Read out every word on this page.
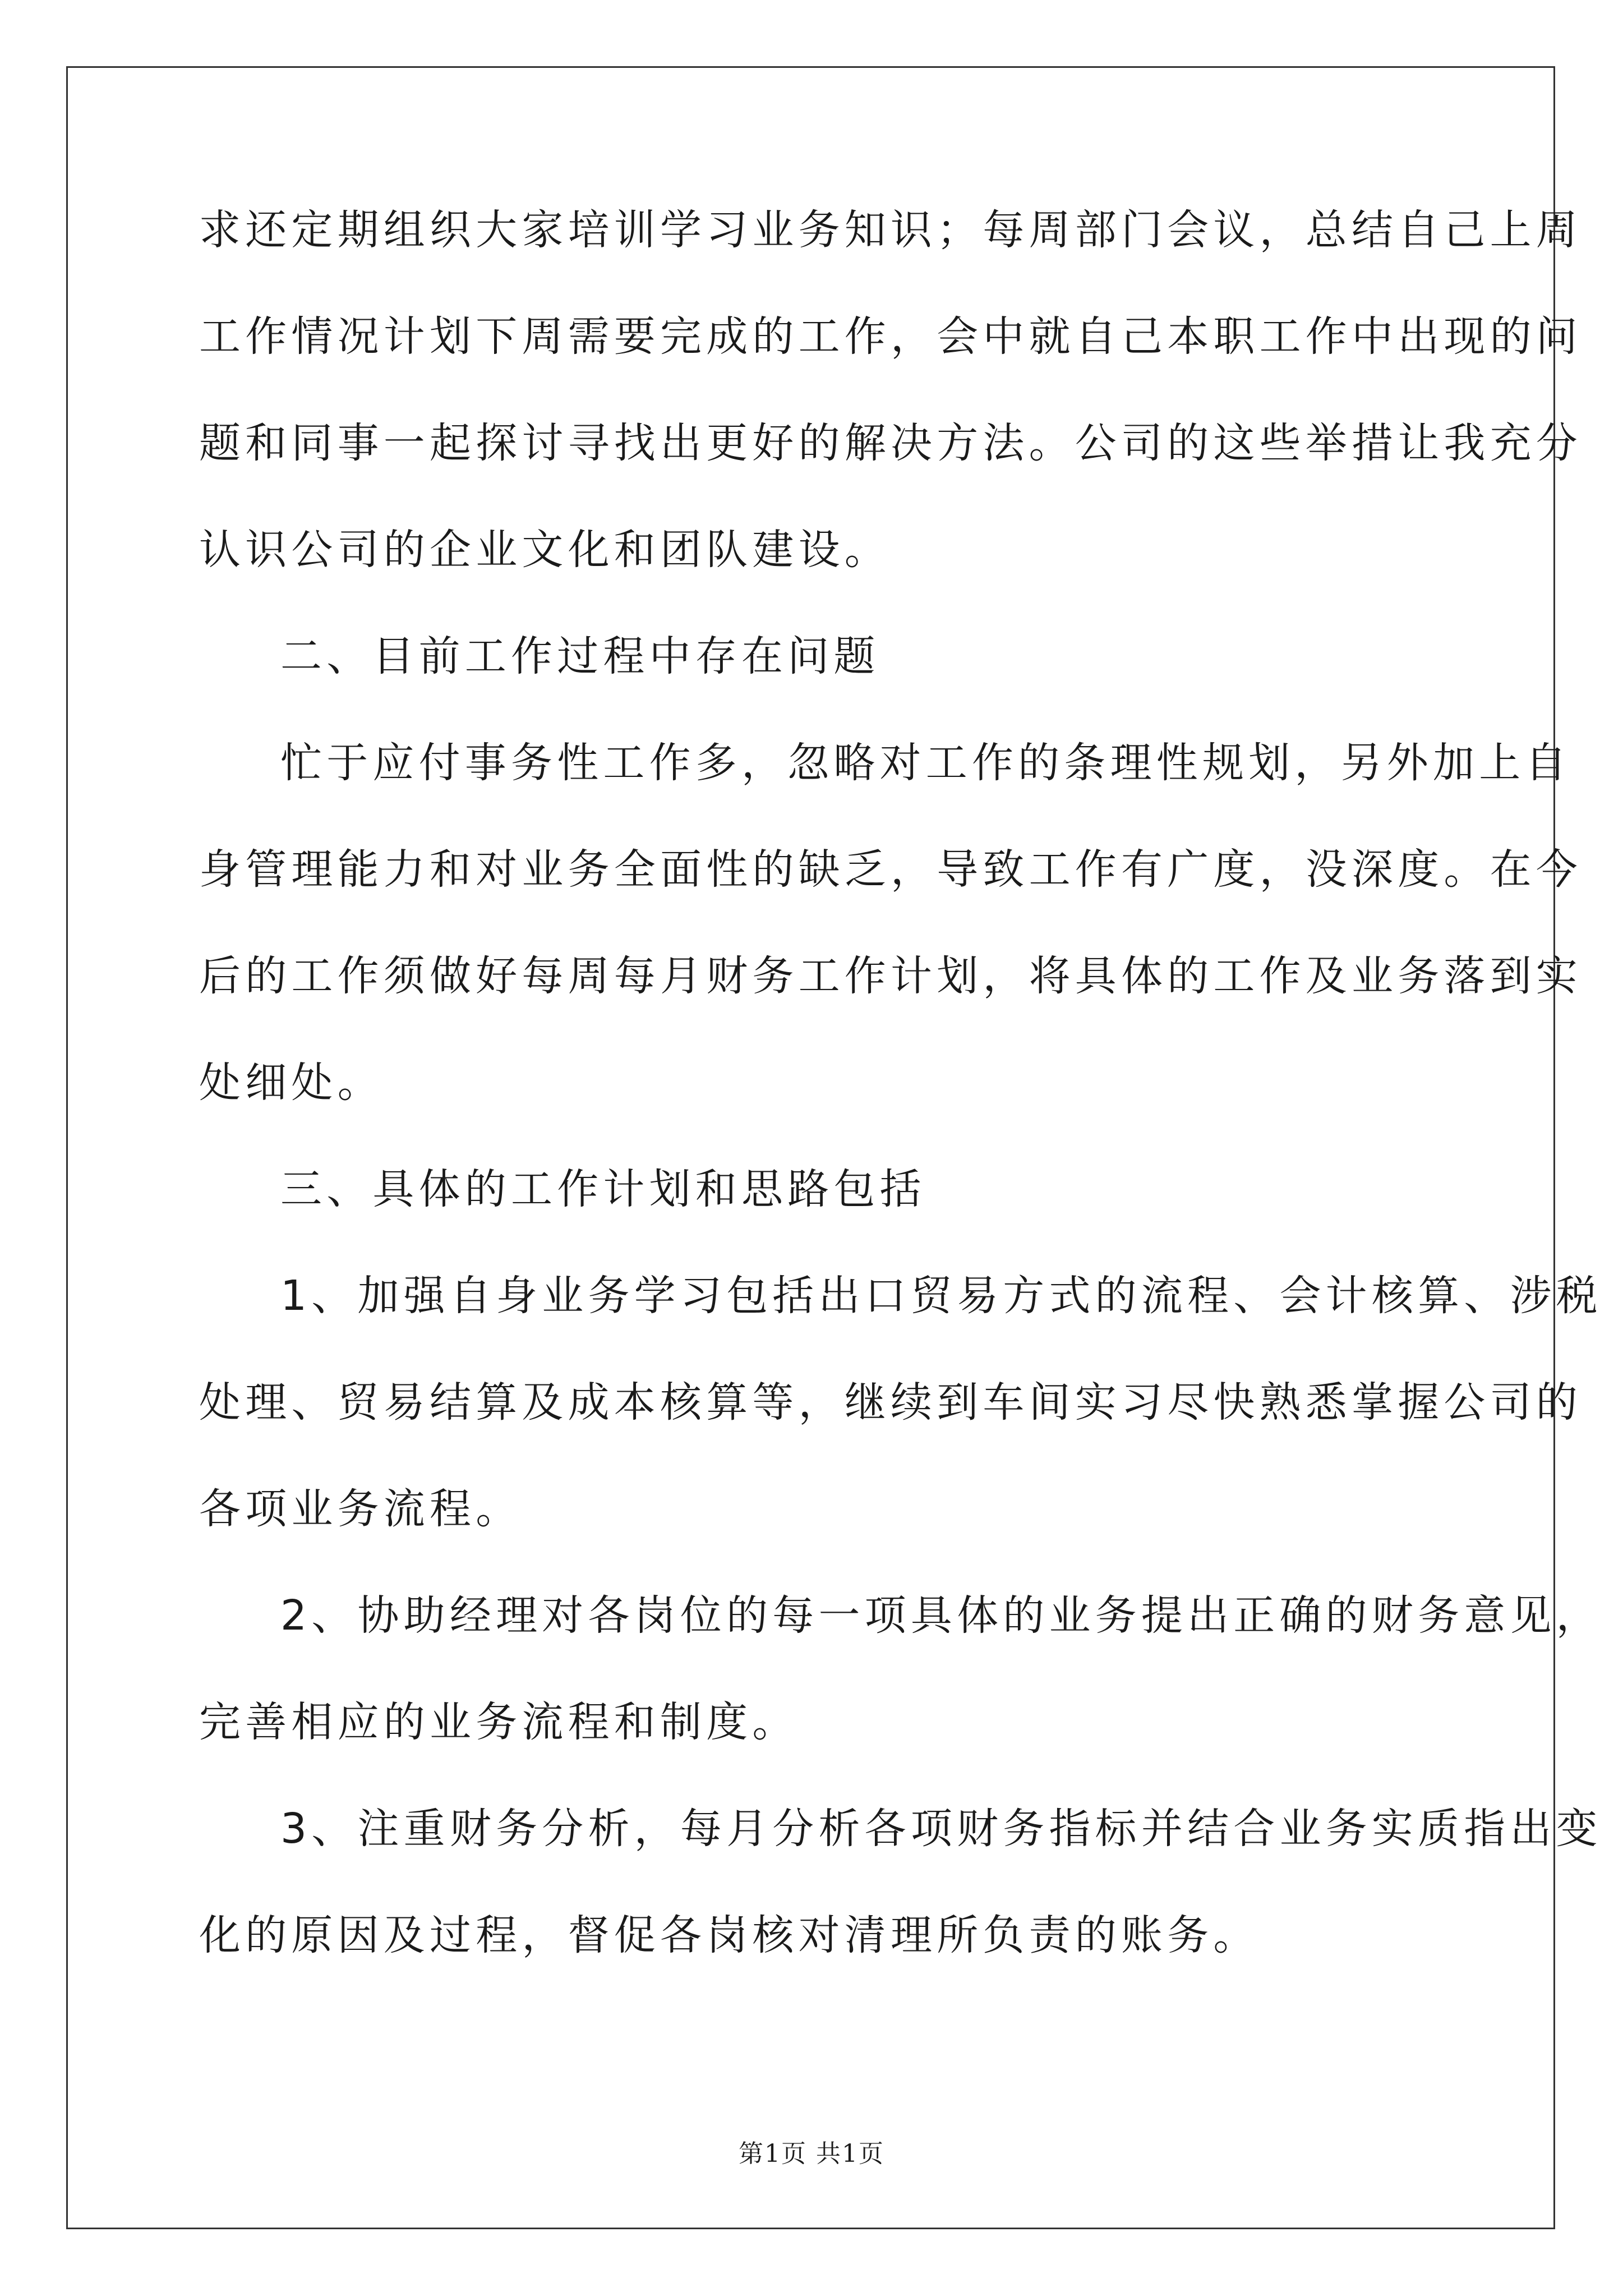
求还定期组织大家培训学习业务知识；每周部门会议，总结自己上周
工作情况计划下周需要完成的工作，会中就自己本职工作中出现的问
题和同事一起探讨寻找出更好的解决方法。公司的这些举措让我充分
认识公司的企业文化和团队建设。
二、目前工作过程中存在问题
忙于应付事务性工作多，忽略对工作的条理性规划，另外加上自
身管理能力和对业务全面性的缺乏，导致工作有广度，没深度。在今
后的工作须做好每周每月财务工作计划，将具体的工作及业务落到实
处细处。
三、具体的工作计划和思路包括
1、加强自身业务学习包括出口贸易方式的流程、会计核算、涉税
处理、贸易结算及成本核算等，继续到车间实习尽快熟悉掌握公司的
各项业务流程。
2、协助经理对各岗位的每一项具体的业务提出正确的财务意见，
完善相应的业务流程和制度。
3、注重财务分析，每月分析各项财务指标并结合业务实质指出变
化的原因及过程，督促各岗核对清理所负责的账务。
第1页 共1页
